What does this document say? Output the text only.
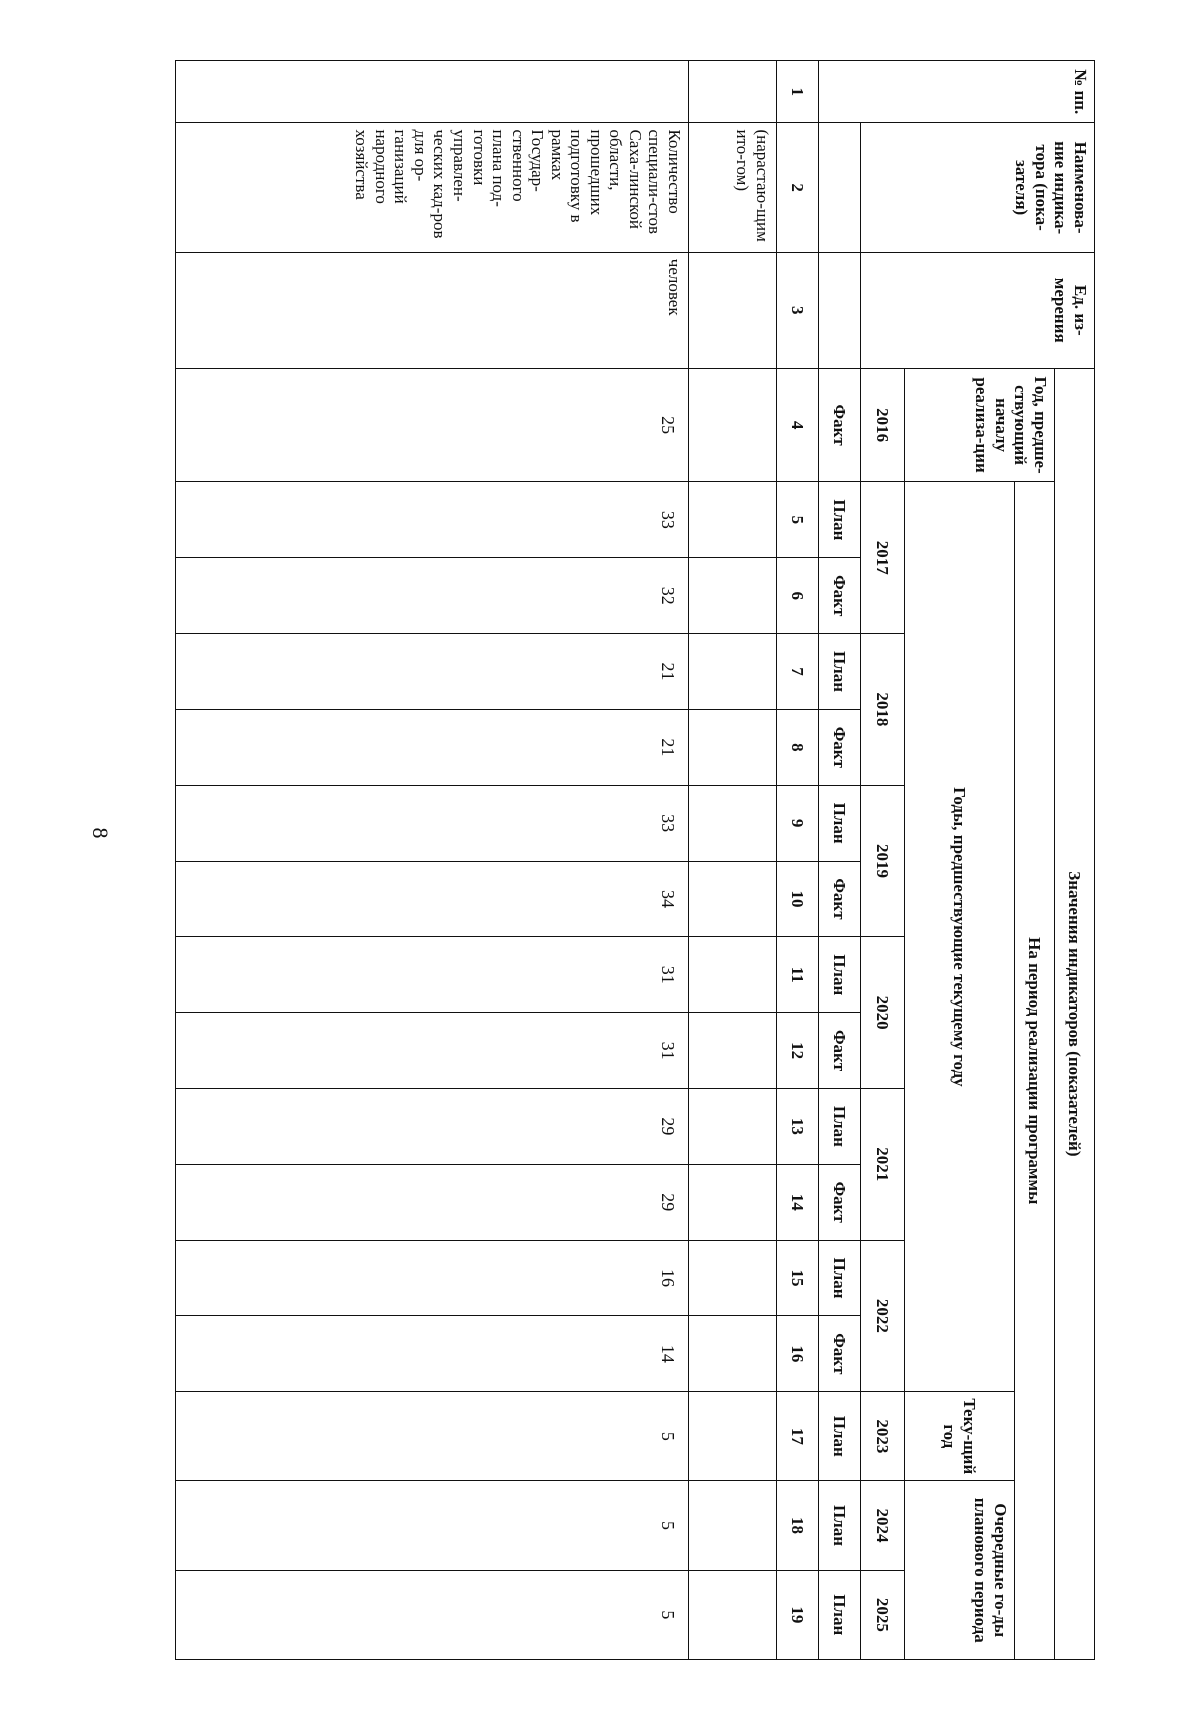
8
№ пп.	Наименова-ние индика-тора (пока-зателя)	Ед. из-мерения	Значения индикаторов (показателей)															
			Год, предше-ствующий началу реализа-ции	На период реализации программы														
				Годы, предшествующие текущему году												Теку-щий год	Очередные го-ды планового периода	
			2016	2017		2018		2019		2020		2021		2022		2023	2024	2025
			Факт	План	Факт	План	Факт	План	Факт	План	Факт	План	Факт	План	Факт	План	План	План
1	2	3	4	5	6	7	8	9	10	11	12	13	14	15	16	17	18	19
	(нарастаю-щим ито-гом)																	
	Количество специали-стов Саха-линской области, прошедших подготовку в рамках Государ-ственного плана под-готовки управлен-ческих кад-ров для ор-ганизаций народного хозяйства	человек	25	33	32	21	21	33	34	31	31	29	29	16	14	5	5	5
